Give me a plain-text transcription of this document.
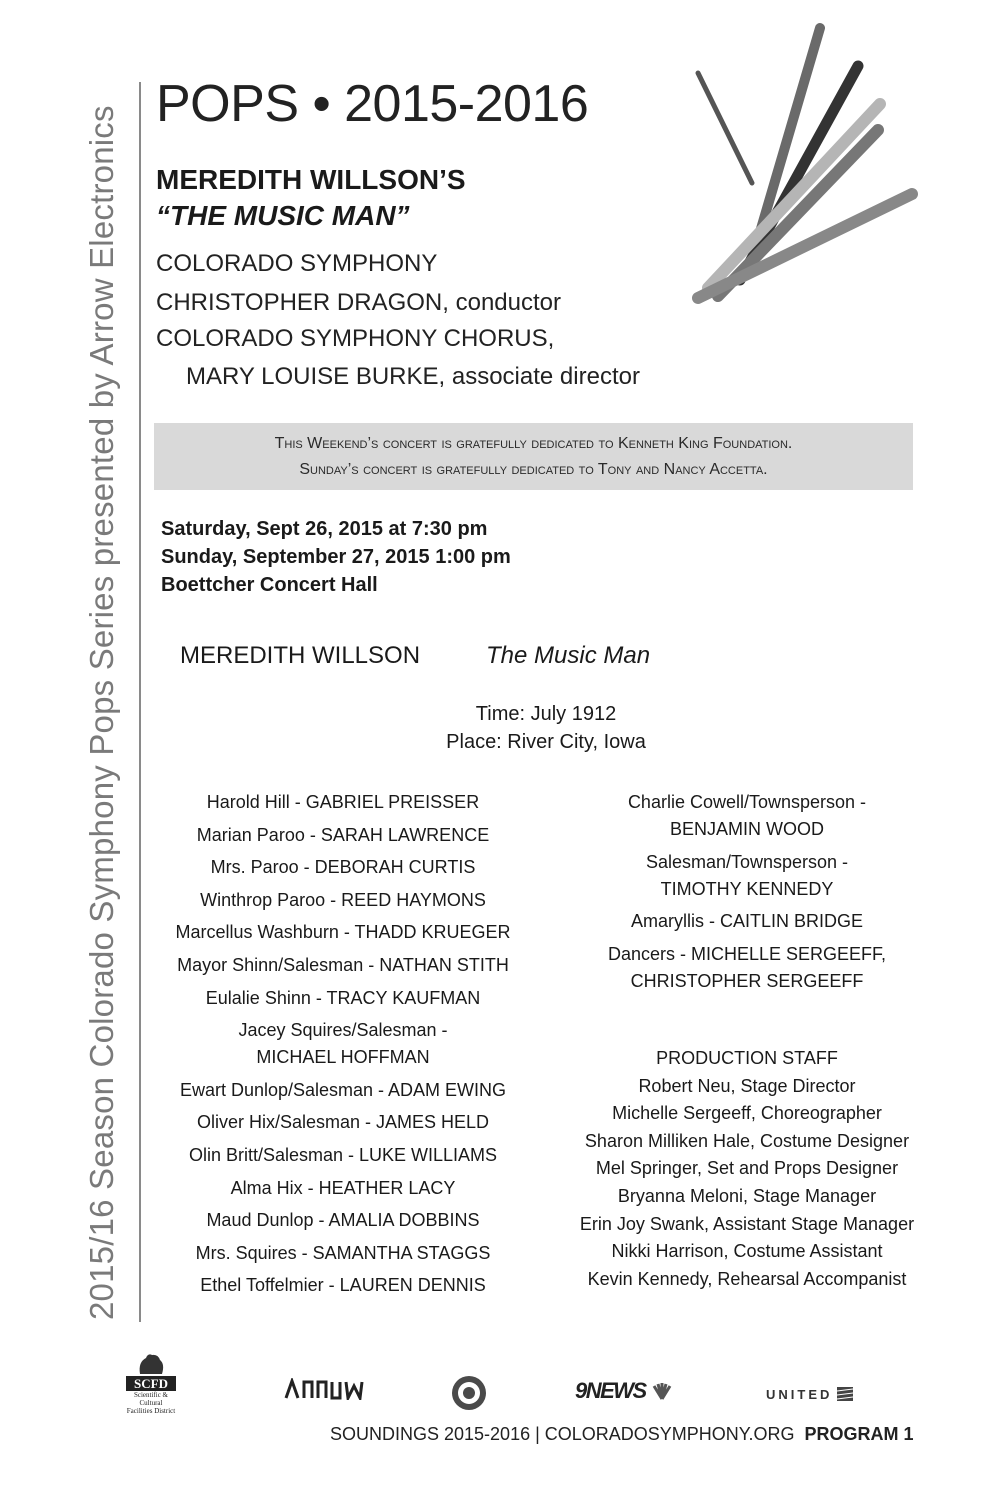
2015/16 Season Colorado Symphony Pops Series presented by Arrow Electronics
POPS • 2015-2016
MEREDITH WILLSON’S
“THE MUSIC MAN”
COLORADO SYMPHONY
CHRISTOPHER DRAGON, conductor
COLORADO SYMPHONY CHORUS,
MARY LOUISE BURKE, associate director
This Weekend’s concert is gratefully dedicated to Kenneth King Foundation.
Sunday’s concert is gratefully dedicated to Tony and Nancy Accetta.
Saturday, Sept 26, 2015 at 7:30 pm
Sunday, September 27, 2015 1:00 pm
Boettcher Concert Hall
MEREDITH WILLSON	The Music Man
Time: July 1912
Place: River City, Iowa
Harold Hill - GABRIEL PREISSER
Marian Paroo - SARAH LAWRENCE
Mrs. Paroo - DEBORAH CURTIS
Winthrop Paroo - REED HAYMONS
Marcellus Washburn - THADD KRUEGER
Mayor Shinn/Salesman - NATHAN STITH
Eulalie Shinn - TRACY KAUFMAN
Jacey Squires/Salesman - MICHAEL HOFFMAN
Ewart Dunlop/Salesman - ADAM EWING
Oliver Hix/Salesman - JAMES HELD
Olin Britt/Salesman - LUKE WILLIAMS
Alma Hix - HEATHER LACY
Maud Dunlop - AMALIA DOBBINS
Mrs. Squires - SAMANTHA STAGGS
Ethel Toffelmier - LAUREN DENNIS
Charlie Cowell/Townsperson - BENJAMIN WOOD
Salesman/Townsperson - TIMOTHY KENNEDY
Amaryllis - CAITLIN BRIDGE
Dancers - MICHELLE SERGEEFF, CHRISTOPHER SERGEEFF
PRODUCTION STAFF
Robert Neu, Stage Director
Michelle Sergeeff, Choreographer
Sharon Milliken Hale, Costume Designer
Mel Springer, Set and Props Designer
Bryanna Meloni, Stage Manager
Erin Joy Swank, Assistant Stage Manager
Nikki Harrison, Costume Assistant
Kevin Kennedy, Rehearsal Accompanist
SCFD
Scientific & Cultural Facilities District
9NEWS	UNITED
SOUNDINGS 2015-2016 | COLORADOSYMPHONY.ORG PROGRAM 1
